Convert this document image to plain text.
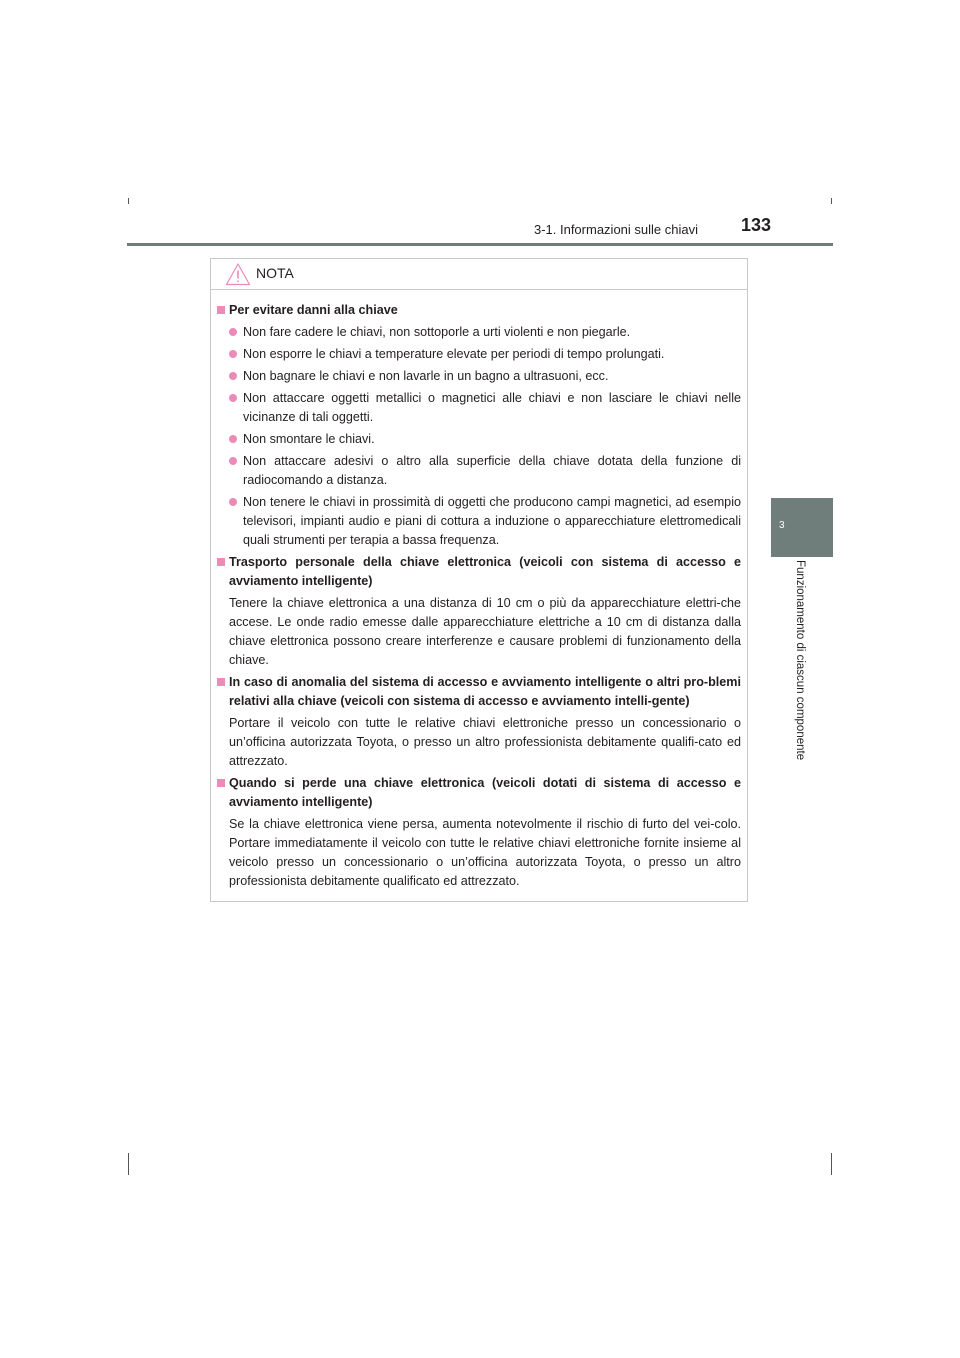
3-1. Informazioni sulle chiavi 133
3
Funzionamento di ciascun componente
NOTA
Per evitare danni alla chiave
Non fare cadere le chiavi, non sottoporle a urti violenti e non piegarle.
Non esporre le chiavi a temperature elevate per periodi di tempo prolungati.
Non bagnare le chiavi e non lavarle in un bagno a ultrasuoni, ecc.
Non attaccare oggetti metallici o magnetici alle chiavi e non lasciare le chiavi nelle vicinanze di tali oggetti.
Non smontare le chiavi.
Non attaccare adesivi o altro alla superficie della chiave dotata della funzione di radiocomando a distanza.
Non tenere le chiavi in prossimità di oggetti che producono campi magnetici, ad esempio televisori, impianti audio e piani di cottura a induzione o apparecchiature elettromedicali quali strumenti per terapia a bassa frequenza.
Trasporto personale della chiave elettronica (veicoli con sistema di accesso e avviamento intelligente)
Tenere la chiave elettronica a una distanza di 10 cm o più da apparecchiature elettri-che accese. Le onde radio emesse dalle apparecchiature elettriche a 10 cm di distanza dalla chiave elettronica possono creare interferenze e causare problemi di funzionamento della chiave.
In caso di anomalia del sistema di accesso e avviamento intelligente o altri pro-blemi relativi alla chiave (veicoli con sistema di accesso e avviamento intelli-gente)
Portare il veicolo con tutte le relative chiavi elettroniche presso un concessionario o un’officina autorizzata Toyota, o presso un altro professionista debitamente qualifi-cato ed attrezzato.
Quando si perde una chiave elettronica (veicoli dotati di sistema di accesso e avviamento intelligente)
Se la chiave elettronica viene persa, aumenta notevolmente il rischio di furto del vei-colo. Portare immediatamente il veicolo con tutte le relative chiavi elettroniche fornite insieme al veicolo presso un concessionario o un’officina autorizzata Toyota, o presso un altro professionista debitamente qualificato ed attrezzato.
